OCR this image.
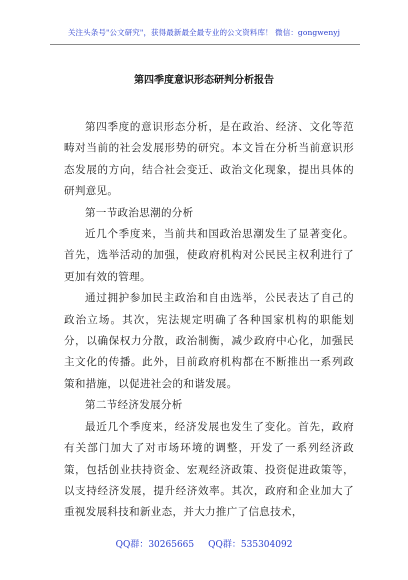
关注头条号"公文研究"，获得最新最全最专业的公文资料库！ 微信：gongwenyj
第四季度意识形态研判分析报告

第四季度的意识形态分析，是在政治、经济、文化等范畴对当前的社会发展形势的研究。本文旨在分析当前意识形态发展的方向，结合社会变迁、政治文化现象，提出具体的研判意见。

第一节政治思潮的分析

近几个季度来，当前共和国政治思潮发生了显著变化。首先，选举活动的加强，使政府机构对公民民主权利进行了更加有效的管理。

通过拥护参加民主政治和自由选举，公民表达了自己的政治立场。其次，宪法规定明确了各种国家机构的职能划分，以确保权力分散，政治制衡，减少政府中心化，加强民主文化的传播。此外，目前政府机构都在不断推出一系列政策和措施，以促进社会的和谐发展。

第二节经济发展分析

最近几个季度来，经济发展也发生了变化。首先，政府有关部门加大了对市场环境的调整，开发了一系列经济政策，包括创业扶持资金、宏观经济政策、投资促进政策等，以支持经济发展，提升经济效率。其次，政府和企业加大了重视发展科技和新业态，并大力推广了信息技术，

QQ群：30265665 QQ群：535304092
